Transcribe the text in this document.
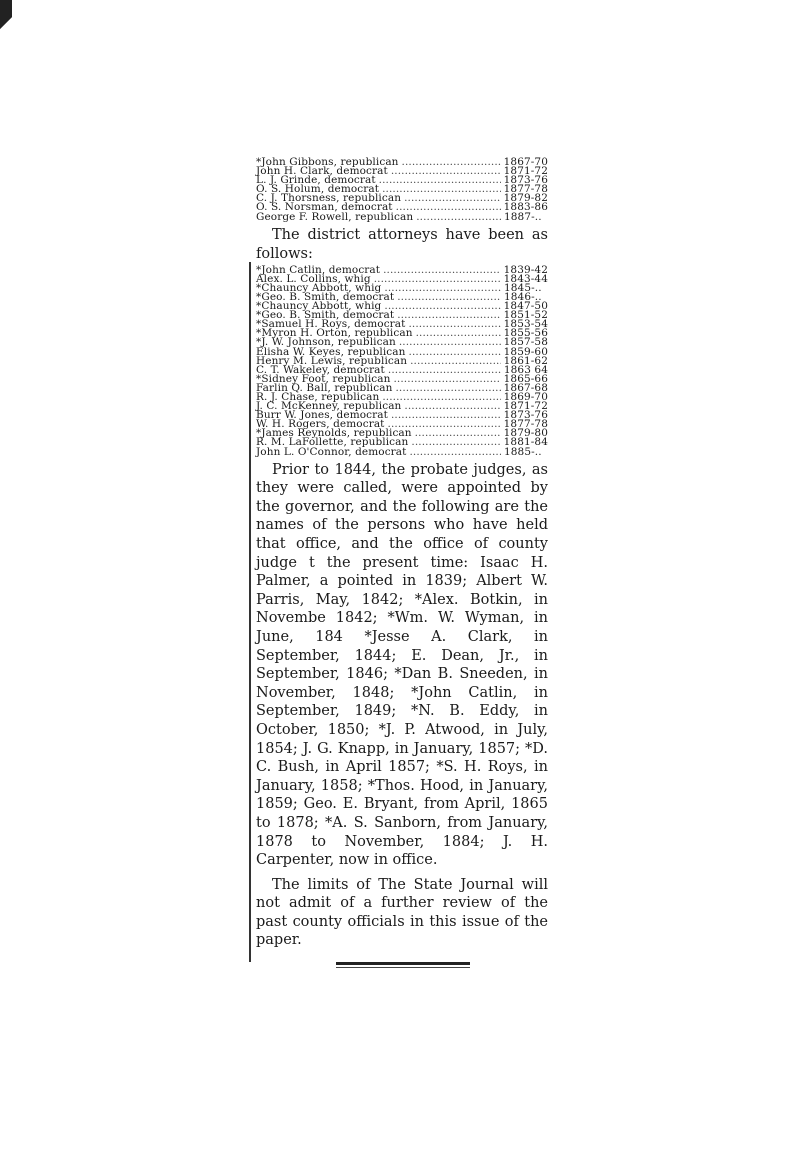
*John Gibbons, republican .....	1867-70
John H. Clark, democrat .....	1871-72
L. J. Grinde, democrat .....	1873-76
O. S. Holum, democrat .....	1877-78
C. J. Thorsness, republican .....	1879-82
O. S. Norsman, democrat .....	1883-86
George F. Rowell, republican .....	1887-..

The district attorneys have been as follows:

*John Catlin, democrat .....	1839-42
Alex. L. Collins, whig .....	1843-44
*Chauncy Abbott, whig .....	1845-..
*Geo. B. Smith, democrat .....	1846-..
*Chauncy Abbott, whig .....	1847-50
*Geo. B. Smith, democrat .....	1851-52
*Samuel H. Roys, democrat .....	1853-54
*Myron H. Orton, republican .....	1855-56
*J. W. Johnson, republican .....	1857-58
Elisha W. Keyes, republican .....	1859-60
Henry M. Lewis, republican .....	1861-62
C. T. Wakeley, democrat .....	1863 64
*Sidney Foot, republican .....	1865-66
Farlin Q. Ball, republican .....	1867-68
R. J. Chase, republican .....	1869-70
J. C. McKenney, republican .....	1871-72
Burr W. Jones, democrat .....	1873-76
W. H. Rogers, democrat .....	1877-78
*James Reynolds, republican .....	1879-80
R. M. LaFollette, republican .....	1881-84
John L. O'Connor, democrat .....	1885-..

Prior to 1844, the probate judges, as they were called, were appointed by the governor, and the following are the names of the persons who have held that office, and the office of county judge t the present time: Isaac H. Palmer, a pointed in 1839; Albert W. Parris, May, 1842; *Alex. Botkin, in Novembe 1842; *Wm. W. Wyman, in June, 184 *Jesse A. Clark, in September, 1844; E. Dean, Jr., in September, 1846; *Dan B. Sneeden, in November, 1848; *John Catlin, in September, 1849; *N. B. Eddy, in October, 1850; *J. P. Atwood, in July, 1854; J. G. Knapp, in January, 1857; *D. C. Bush, in April 1857; *S. H. Roys, in January, 1858; *Thos. Hood, in January, 1859; Geo. E. Bryant, from April, 1865 to 1878; *A. S. Sanborn, from January, 1878 to November, 1884; J. H. Carpenter, now in office.

The limits of The State Journal will not admit of a further review of the past county officials in this issue of the paper.
